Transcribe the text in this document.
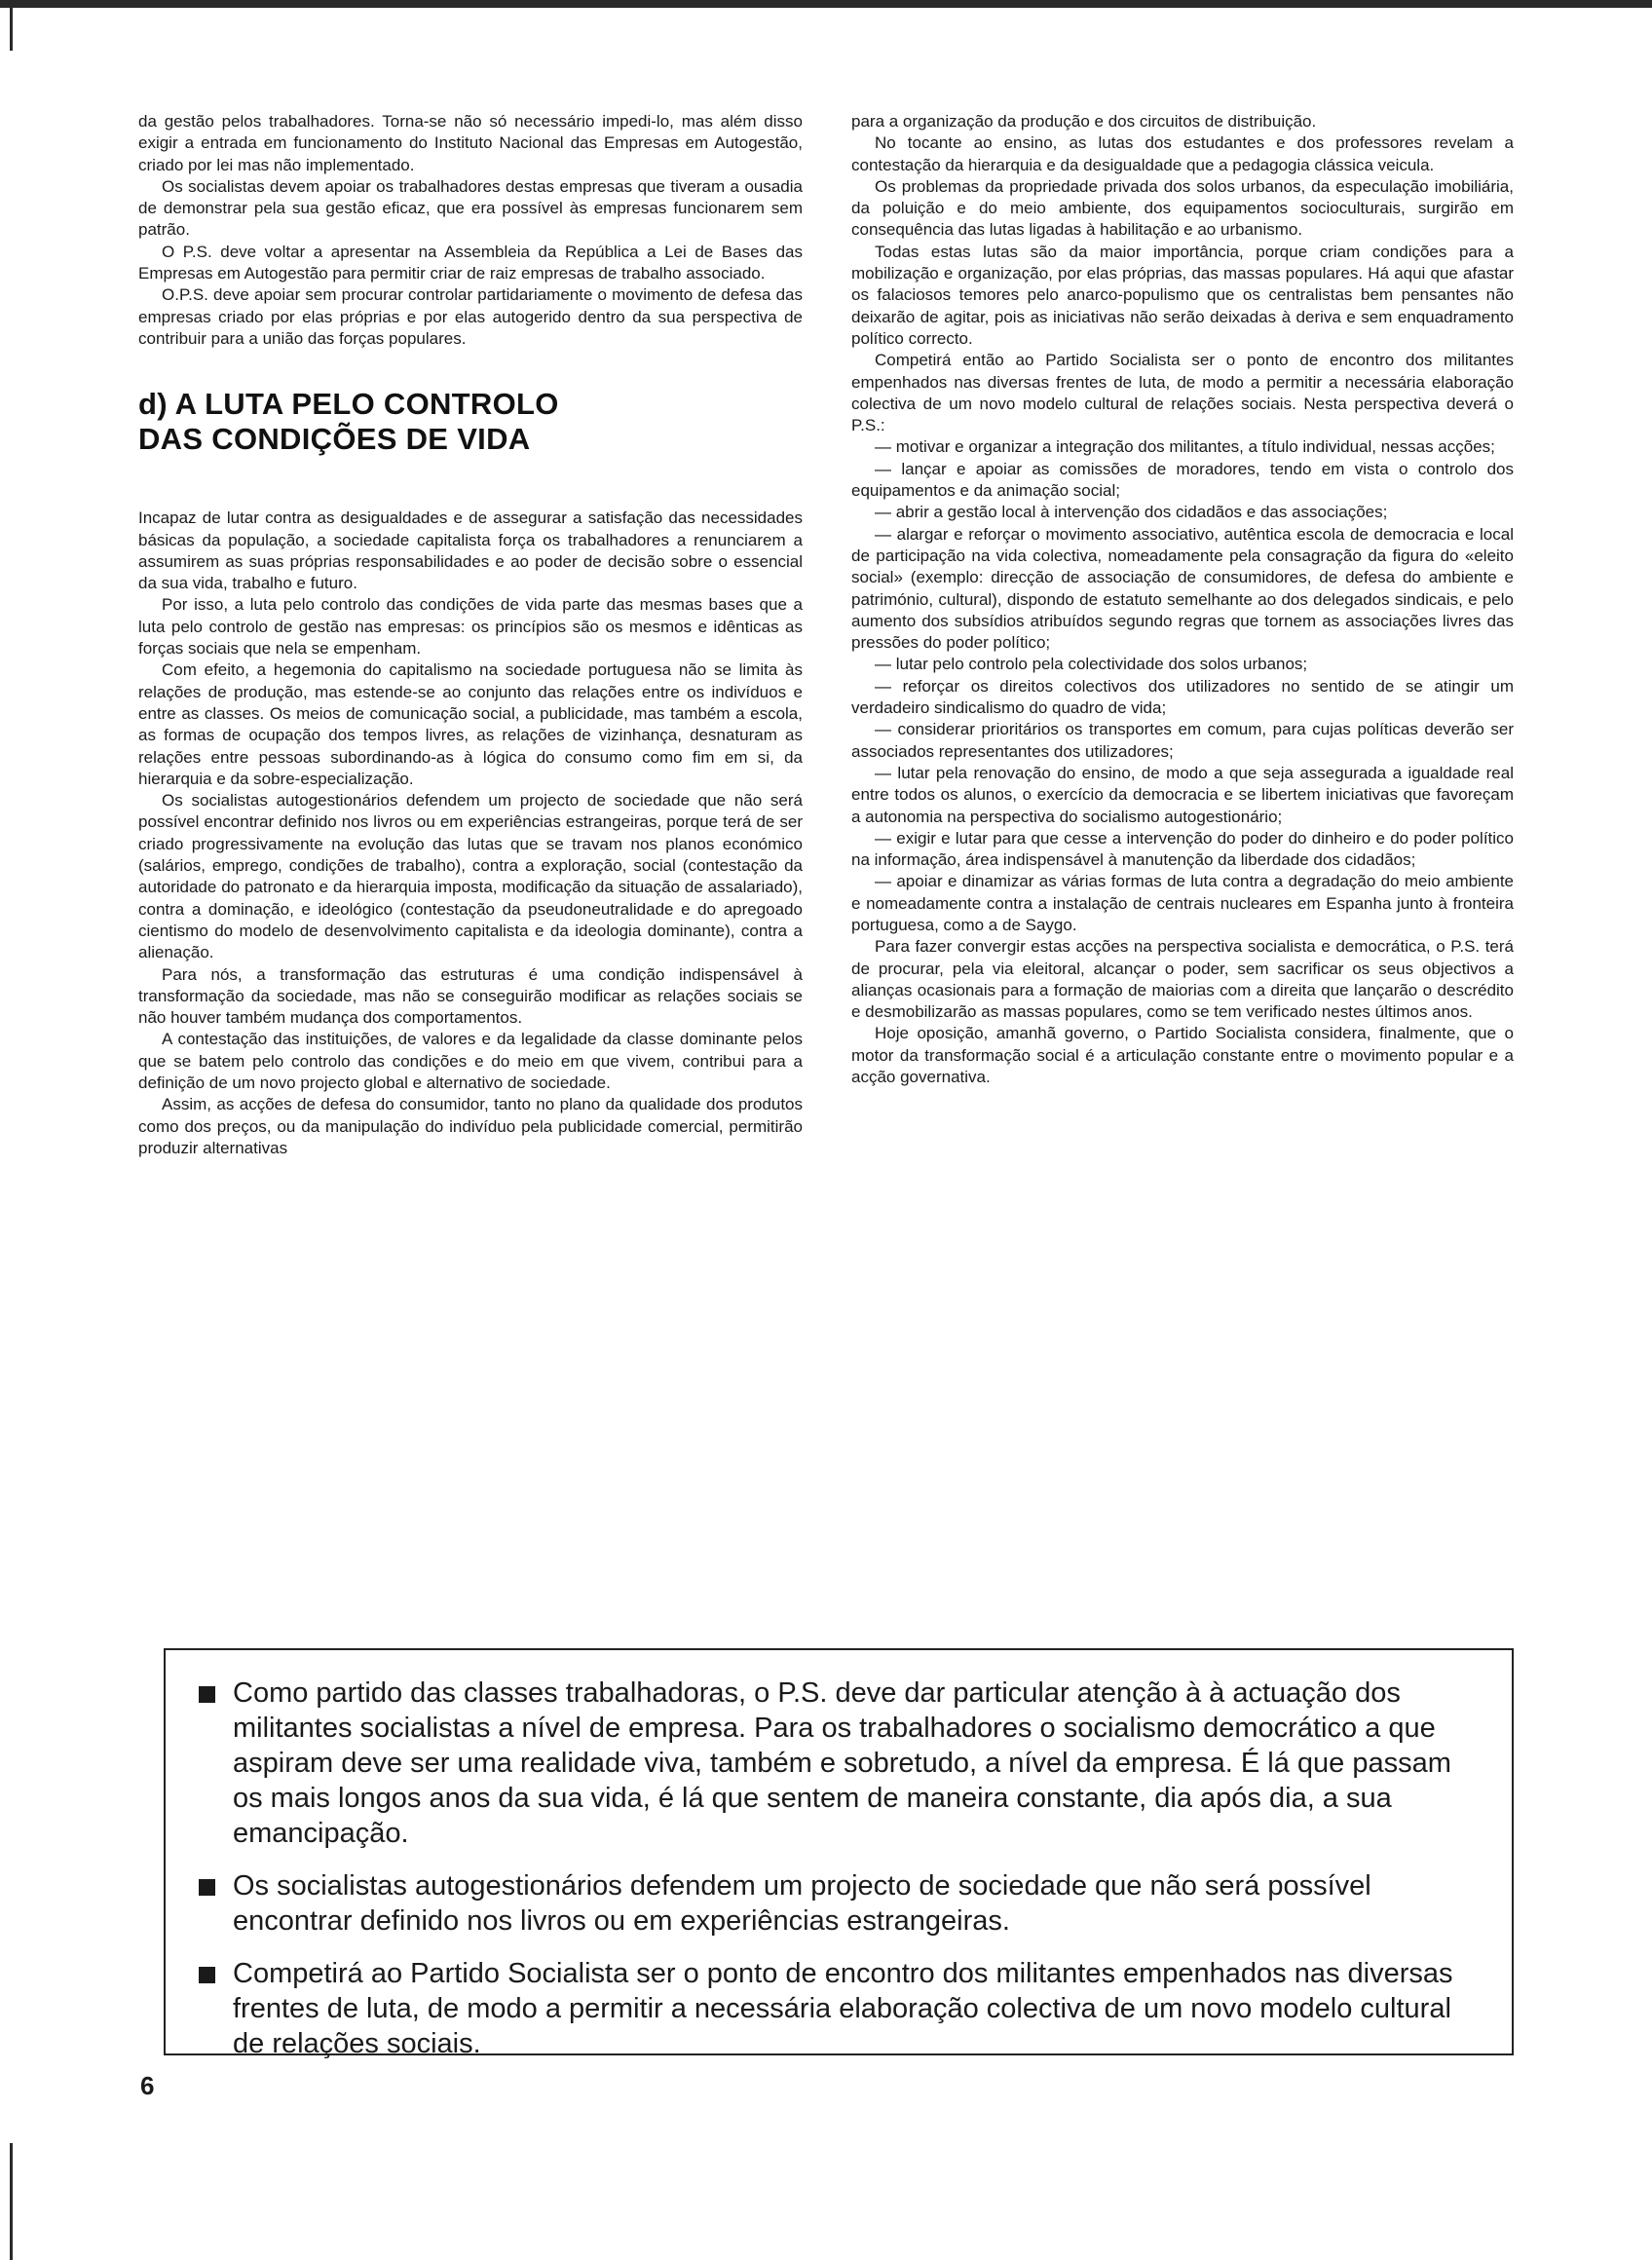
da gestão pelos trabalhadores. Torna-se não só necessário impedi-lo, mas além disso exigir a entrada em funcionamento do Instituto Nacional das Empresas em Autogestão, criado por lei mas não implementado.

Os socialistas devem apoiar os trabalhadores destas empresas que tiveram a ousadia de demonstrar pela sua gestão eficaz, que era possível às empresas funcionarem sem patrão.

O P.S. deve voltar a apresentar na Assembleia da República a Lei de Bases das Empresas em Autogestão para permitir criar de raiz empresas de trabalho associado.

O.P.S. deve apoiar sem procurar controlar partidariamente o movimento de defesa das empresas criado por elas próprias e por elas autogerido dentro da sua perspectiva de contribuir para a união das forças populares.

d) A LUTA PELO CONTROLO
DAS CONDIÇÕES DE VIDA

Incapaz de lutar contra as desigualdades e de assegurar a satisfação das necessidades básicas da população, a sociedade capitalista força os trabalhadores a renunciarem a assumirem as suas próprias responsabilidades e ao poder de decisão sobre o essencial da sua vida, trabalho e futuro.

Por isso, a luta pelo controlo das condições de vida parte das mesmas bases que a luta pelo controlo de gestão nas empresas: os princípios são os mesmos e idênticas as forças sociais que nela se empenham.

Com efeito, a hegemonia do capitalismo na sociedade portuguesa não se limita às relações de produção, mas estende-se ao conjunto das relações entre os indivíduos e entre as classes. Os meios de comunicação social, a publicidade, mas também a escola, as formas de ocupação dos tempos livres, as relações de vizinhança, desnaturam as relações entre pessoas subordinando-as à lógica do consumo como fim em si, da hierarquia e da sobre-especialização.

Os socialistas autogestionários defendem um projecto de sociedade que não será possível encontrar definido nos livros ou em experiências estrangeiras, porque terá de ser criado progressivamente na evolução das lutas que se travam nos planos económico (salários, emprego, condições de trabalho), contra a exploração, social (contestação da autoridade do patronato e da hierarquia imposta, modificação da situação de assalariado), contra a dominação, e ideológico (contestação da pseudoneutralidade e do apregoado cientismo do modelo de desenvolvimento capitalista e da ideologia dominante), contra a alienação.

Para nós, a transformação das estruturas é uma condição indispensável à transformação da sociedade, mas não se conseguirão modificar as relações sociais se não houver também mudança dos comportamentos.

A contestação das instituições, de valores e da legalidade da classe dominante pelos que se batem pelo controlo das condições e do meio em que vivem, contribui para a definição de um novo projecto global e alternativo de sociedade.

Assim, as acções de defesa do consumidor, tanto no plano da qualidade dos produtos como dos preços, ou da manipulação do indivíduo pela publicidade comercial, permitirão produzir alternativas

para a organização da produção e dos circuitos de distribuição.

No tocante ao ensino, as lutas dos estudantes e dos professores revelam a contestação da hierarquia e da desigualdade que a pedagogia clássica veicula.

Os problemas da propriedade privada dos solos urbanos, da especulação imobiliária, da poluição e do meio ambiente, dos equipamentos socioculturais, surgirão em consequência das lutas ligadas à habilitação e ao urbanismo.

Todas estas lutas são da maior importância, porque criam condições para a mobilização e organização, por elas próprias, das massas populares. Há aqui que afastar os falaciosos temores pelo anarco-populismo que os centralistas bem pensantes não deixarão de agitar, pois as iniciativas não serão deixadas à deriva e sem enquadramento político correcto.

Competirá então ao Partido Socialista ser o ponto de encontro dos militantes empenhados nas diversas frentes de luta, de modo a permitir a necessária elaboração colectiva de um novo modelo cultural de relações sociais. Nesta perspectiva deverá o P.S.:

— motivar e organizar a integração dos militantes, a título individual, nessas acções;

— lançar e apoiar as comissões de moradores, tendo em vista o controlo dos equipamentos e da animação social;

— abrir a gestão local à intervenção dos cidadãos e das associações;

— alargar e reforçar o movimento associativo, autêntica escola de democracia e local de participação na vida colectiva, nomeadamente pela consagração da figura do «eleito social» (exemplo: direcção de associação de consumidores, de defesa do ambiente e património, cultural), dispondo de estatuto semelhante ao dos delegados sindicais, e pelo aumento dos subsídios atribuídos segundo regras que tornem as associações livres das pressões do poder político;

— lutar pelo controlo pela colectividade dos solos urbanos;

— reforçar os direitos colectivos dos utilizadores no sentido de se atingir um verdadeiro sindicalismo do quadro de vida;

— considerar prioritários os transportes em comum, para cujas políticas deverão ser associados representantes dos utilizadores;

— lutar pela renovação do ensino, de modo a que seja assegurada a igualdade real entre todos os alunos, o exercício da democracia e se libertem iniciativas que favoreçam a autonomia na perspectiva do socialismo autogestionário;

— exigir e lutar para que cesse a intervenção do poder do dinheiro e do poder político na informação, área indispensável à manutenção da liberdade dos cidadãos;

— apoiar e dinamizar as várias formas de luta contra a degradação do meio ambiente e nomeadamente contra a instalação de centrais nucleares em Espanha junto à fronteira portuguesa, como a de Saygo.

Para fazer convergir estas acções na perspectiva socialista e democrática, o P.S. terá de procurar, pela via eleitoral, alcançar o poder, sem sacrificar os seus objectivos a alianças ocasionais para a formação de maiorias com a direita que lançarão o descrédito e desmobilizarão as massas populares, como se tem verificado nestes últimos anos.

Hoje oposição, amanhã governo, o Partido Socialista considera, finalmente, que o motor da transformação social é a articulação constante entre o movimento popular e a acção governativa.

Como partido das classes trabalhadoras, o P.S. deve dar particular atenção à à actuação dos militantes socialistas a nível de empresa. Para os trabalhadores o socialismo democrático a que aspiram deve ser uma realidade viva, também e sobretudo, a nível da empresa. É lá que passam os mais longos anos da sua vida, é lá que sentem de maneira constante, dia após dia, a sua emancipação.
Os socialistas autogestionários defendem um projecto de sociedade que não será possível encontrar definido nos livros ou em experiências estrangeiras.
Competirá ao Partido Socialista ser o ponto de encontro dos militantes empenhados nas diversas frentes de luta, de modo a permitir a necessária elaboração colectiva de um novo modelo cultural de relações sociais.
6
